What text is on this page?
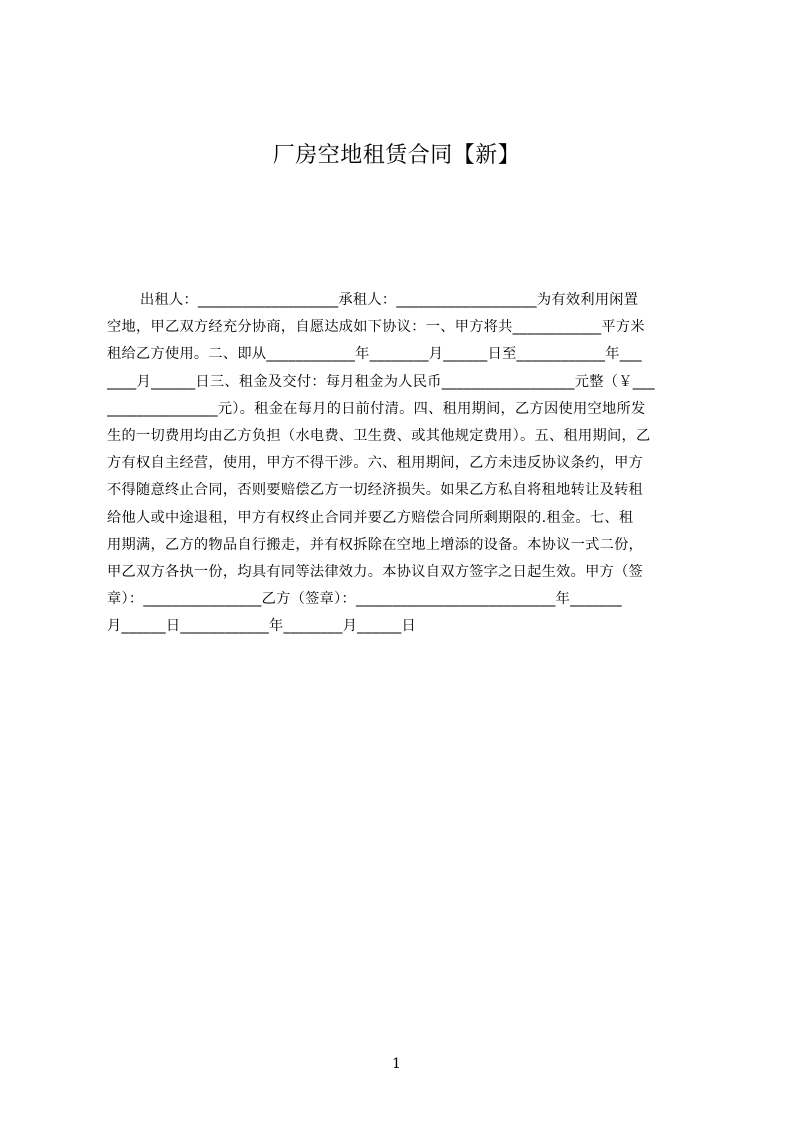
厂房空地租赁合同【新】
出租人：___________________承租人：___________________为有效利用闲置
空地，甲乙双方经充分协商，自愿达成如下协议：一、甲方将共____________平方米
租给乙方使用。二、即从____________年________月______日至____________年___
____月______日三、租金及交付：每月租金为人民币__________________元整（￥___
_______________元）。租金在每月的日前付清。四、租用期间，乙方因使用空地所发
生的一切费用均由乙方负担（水电费、卫生费、或其他规定费用）。五、租用期间，乙
方有权自主经营，使用，甲方不得干涉。六、租用期间，乙方未违反协议条约，甲方
不得随意终止合同，否则要赔偿乙方一切经济损失。如果乙方私自将租地转让及转租
给他人或中途退租，甲方有权终止合同并要乙方赔偿合同所剩期限的.租金。七、租
用期满，乙方的物品自行搬走，并有权拆除在空地上增添的设备。本协议一式二份，
甲乙双方各执一份，均具有同等法律效力。本协议自双方签字之日起生效。甲方（签
章）：________________乙方（签章）：___________________________年_______
月______日____________年________月______日
1
